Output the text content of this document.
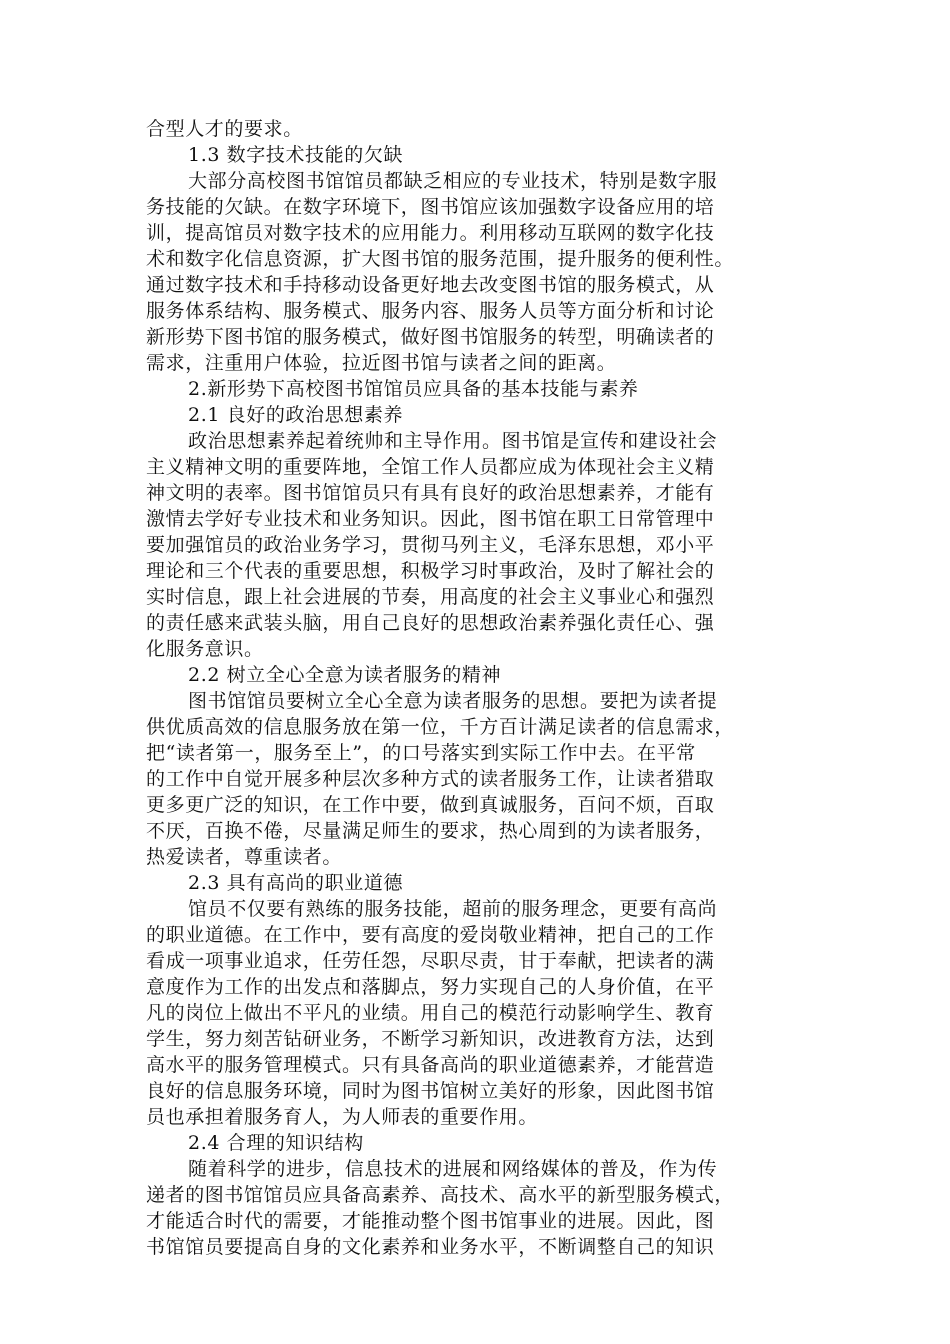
合型人才的要求。
1.3 数字技术技能的欠缺
大部分高校图书馆馆员都缺乏相应的专业技术，特别是数字服
务技能的欠缺。在数字环境下，图书馆应该加强数字设备应用的培
训，提高馆员对数字技术的应用能力。利用移动互联网的数字化技
术和数字化信息资源，扩大图书馆的服务范围，提升服务的便利性。
通过数字技术和手持移动设备更好地去改变图书馆的服务模式，从
服务体系结构、服务模式、服务内容、服务人员等方面分析和讨论
新形势下图书馆的服务模式，做好图书馆服务的转型，明确读者的
需求，注重用户体验，拉近图书馆与读者之间的距离。
2.新形势下高校图书馆馆员应具备的基本技能与素养
2.1 良好的政治思想素养
政治思想素养起着统帅和主导作用。图书馆是宣传和建设社会
主义精神文明的重要阵地，全馆工作人员都应成为体现社会主义精
神文明的表率。图书馆馆员只有具有良好的政治思想素养，才能有
激情去学好专业技术和业务知识。因此，图书馆在职工日常管理中
要加强馆员的政治业务学习，贯彻马列主义，毛泽东思想，邓小平
理论和三个代表的重要思想，积极学习时事政治，及时了解社会的
实时信息，跟上社会进展的节奏，用高度的社会主义事业心和强烈
的责任感来武装头脑，用自己良好的思想政治素养强化责任心、强
化服务意识。
2.2 树立全心全意为读者服务的精神
图书馆馆员要树立全心全意为读者服务的思想。要把为读者提
供优质高效的信息服务放在第一位，千方百计满足读者的信息需求，
把“读者第一，服务至上”，的口号落实到实际工作中去。在平常
的工作中自觉开展多种层次多种方式的读者服务工作，让读者猎取
更多更广泛的知识，在工作中要，做到真诚服务，百问不烦，百取
不厌，百换不倦，尽量满足师生的要求，热心周到的为读者服务，
热爱读者，尊重读者。
2.3 具有高尚的职业道德
馆员不仅要有熟练的服务技能，超前的服务理念，更要有高尚
的职业道德。在工作中，要有高度的爱岗敬业精神，把自己的工作
看成一项事业追求，任劳任怨，尽职尽责，甘于奉献，把读者的满
意度作为工作的出发点和落脚点，努力实现自己的人身价值，在平
凡的岗位上做出不平凡的业绩。用自己的模范行动影响学生、教育
学生，努力刻苦钻研业务，不断学习新知识，改进教育方法，达到
高水平的服务管理模式。只有具备高尚的职业道德素养，才能营造
良好的信息服务环境，同时为图书馆树立美好的形象，因此图书馆
员也承担着服务育人，为人师表的重要作用。
2.4 合理的知识结构
随着科学的进步，信息技术的进展和网络媒体的普及，作为传
递者的图书馆馆员应具备高素养、高技术、高水平的新型服务模式，
才能适合时代的需要，才能推动整个图书馆事业的进展。因此，图
书馆馆员要提高自身的文化素养和业务水平，不断调整自己的知识
